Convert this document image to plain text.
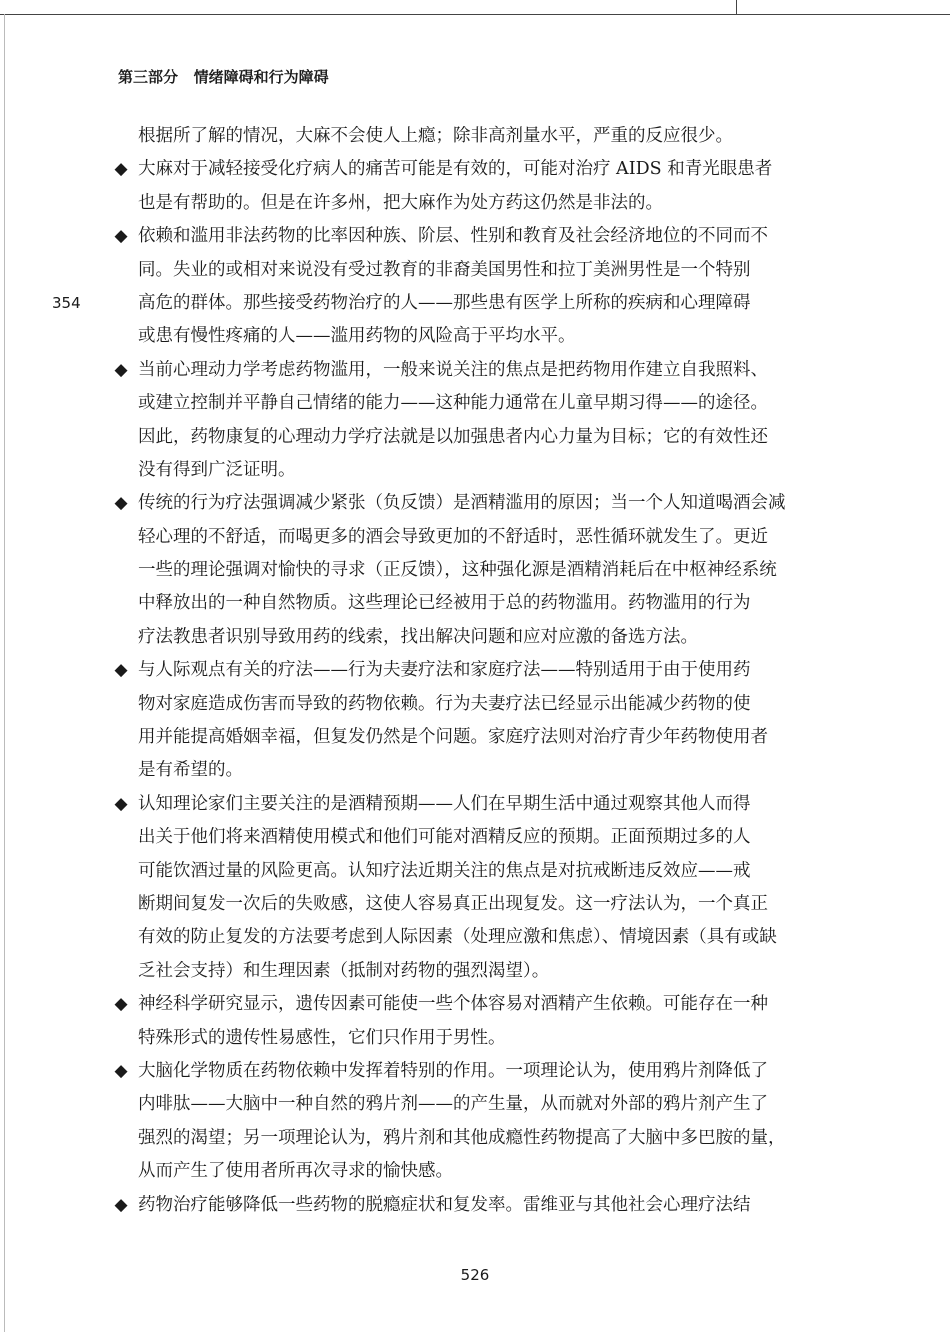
第三部分   情绪障碍和行为障碍
354
根据所了解的情况，大麻不会使人上瘾；除非高剂量水平，严重的反应很少。
◆ 大麻对于减轻接受化疗病人的痛苦可能是有效的，可能对治疗 AIDS 和青光眼患者
也是有帮助的。但是在许多州，把大麻作为处方药这仍然是非法的。
◆ 依赖和滥用非法药物的比率因种族、阶层、性别和教育及社会经济地位的不同而不
同。失业的或相对来说没有受过教育的非裔美国男性和拉丁美洲男性是一个特别
高危的群体。那些接受药物治疗的人——那些患有医学上所称的疾病和心理障碍
或患有慢性疼痛的人——滥用药物的风险高于平均水平。
◆ 当前心理动力学考虑药物滥用，一般来说关注的焦点是把药物用作建立自我照料、
或建立控制并平静自己情绪的能力——这种能力通常在儿童早期习得——的途径。
因此，药物康复的心理动力学疗法就是以加强患者内心力量为目标；它的有效性还
没有得到广泛证明。
◆ 传统的行为疗法强调减少紧张（负反馈）是酒精滥用的原因；当一个人知道喝酒会减
轻心理的不舒适，而喝更多的酒会导致更加的不舒适时，恶性循环就发生了。更近
一些的理论强调对愉快的寻求（正反馈），这种强化源是酒精消耗后在中枢神经系统
中释放出的一种自然物质。这些理论已经被用于总的药物滥用。药物滥用的行为
疗法教患者识别导致用药的线索，找出解决问题和应对应激的备选方法。
◆ 与人际观点有关的疗法——行为夫妻疗法和家庭疗法——特别适用于由于使用药
物对家庭造成伤害而导致的药物依赖。行为夫妻疗法已经显示出能减少药物的使
用并能提高婚姻幸福，但复发仍然是个问题。家庭疗法则对治疗青少年药物使用者
是有希望的。
◆ 认知理论家们主要关注的是酒精预期——人们在早期生活中通过观察其他人而得
出关于他们将来酒精使用模式和他们可能对酒精反应的预期。正面预期过多的人
可能饮酒过量的风险更高。认知疗法近期关注的焦点是对抗戒断违反效应——戒
断期间复发一次后的失败感，这使人容易真正出现复发。这一疗法认为，一个真正
有效的防止复发的方法要考虑到人际因素（处理应激和焦虑）、情境因素（具有或缺
乏社会支持）和生理因素（抵制对药物的强烈渴望）。
◆ 神经科学研究显示，遗传因素可能使一些个体容易对酒精产生依赖。可能存在一种
特殊形式的遗传性易感性，它们只作用于男性。
◆ 大脑化学物质在药物依赖中发挥着特别的作用。一项理论认为，使用鸦片剂降低了
内啡肽——大脑中一种自然的鸦片剂——的产生量，从而就对外部的鸦片剂产生了
强烈的渴望；另一项理论认为，鸦片剂和其他成瘾性药物提高了大脑中多巴胺的量，
从而产生了使用者所再次寻求的愉快感。
◆ 药物治疗能够降低一些药物的脱瘾症状和复发率。雷维亚与其他社会心理疗法结
526
